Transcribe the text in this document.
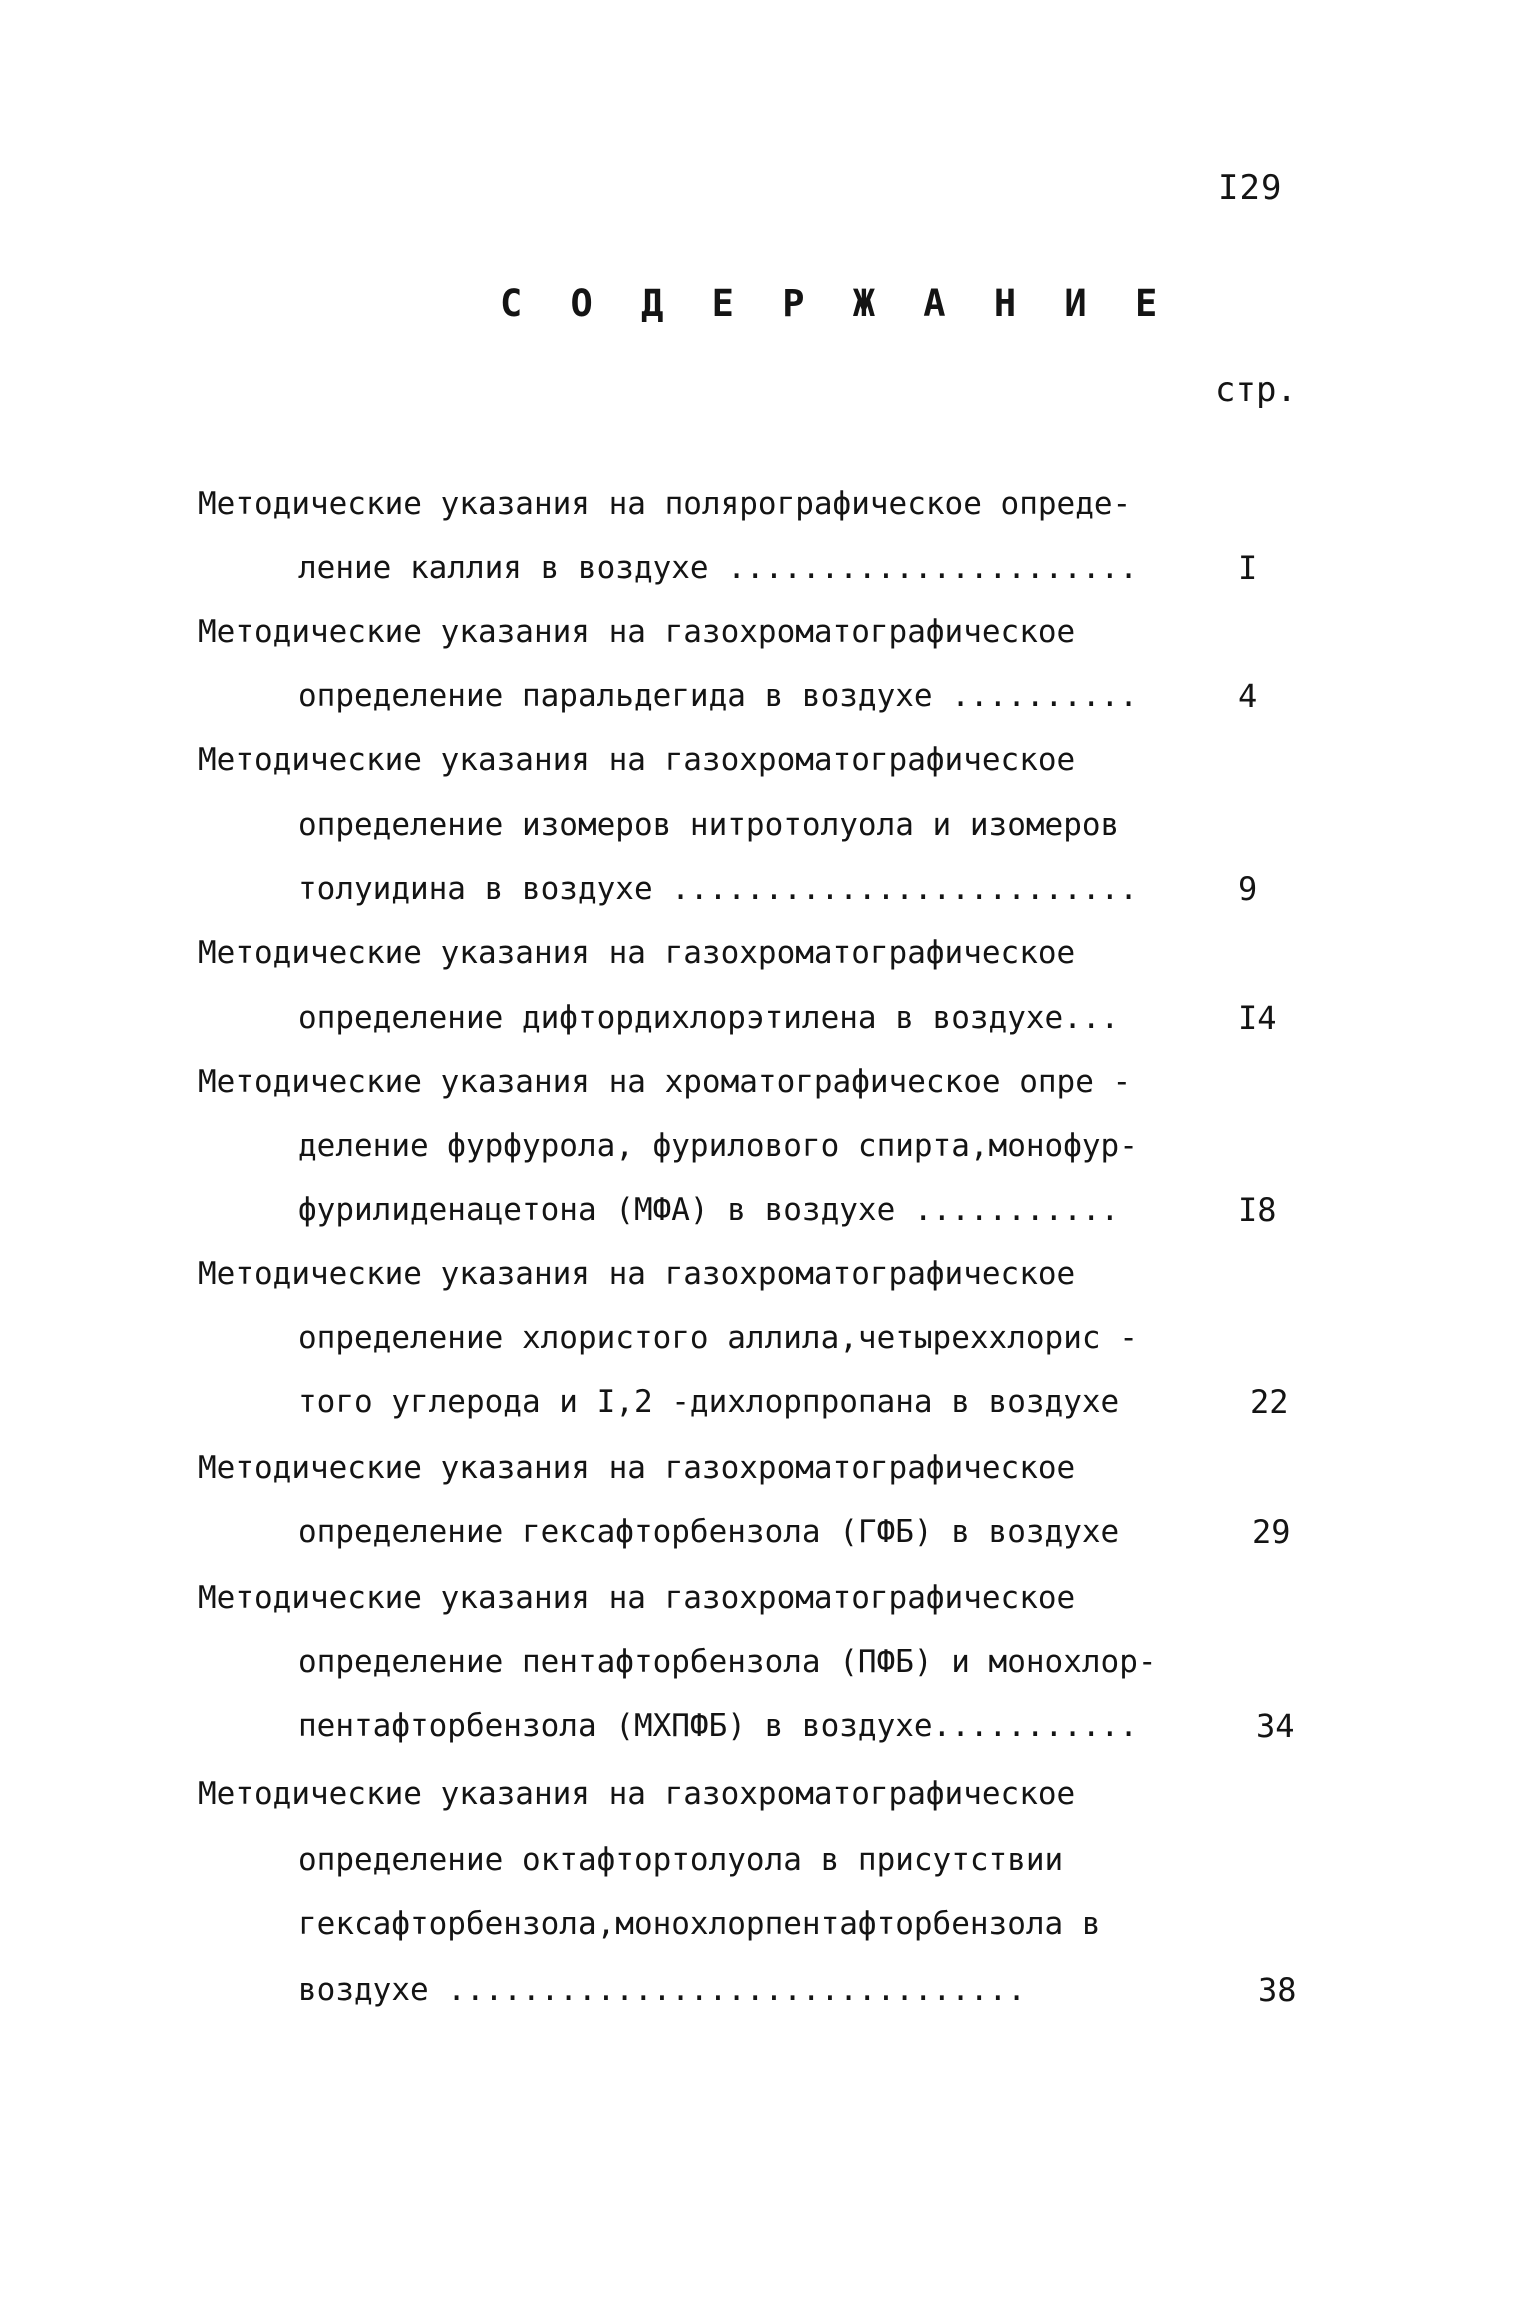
I29
С О Д Е Р Ж А Н И Е
стр.
Методические указания на полярографическое опреде-
ление каллия в воздухе ......................	I
Методические указания на газохроматографическое
определение паральдегида в воздухе ..........	4
Методические указания на газохроматографическое
определение изомеров нитротолуола и изомеров
толуидина в воздухе .........................	9
Методические указания на газохроматографическое
определение дифтордихлорэтилена в воздухе...	I4
Методические указания на хроматографическое опре -
деление фурфурола, фурилового спирта,монофур-
фурилиденацетона (МФА) в воздухе ...........	I8
Методические указания на газохроматографическое
определение хлористого аллила,четыреххлорис -
того углерода и I,2 -дихлорпропана в воздухе	22
Методические указания на газохроматографическое
определение гексафторбензола (ГФБ) в воздухе	29
Методические указания на газохроматографическое
определение пентафторбензола (ПФБ) и монохлор-
пентафторбензола (МХПФБ) в воздухе...........	34
Методические указания на газохроматографическое
определение октафтортолуола в присутствии
гексафторбензола,монохлорпентафторбензола в
воздухе ...............................	38
